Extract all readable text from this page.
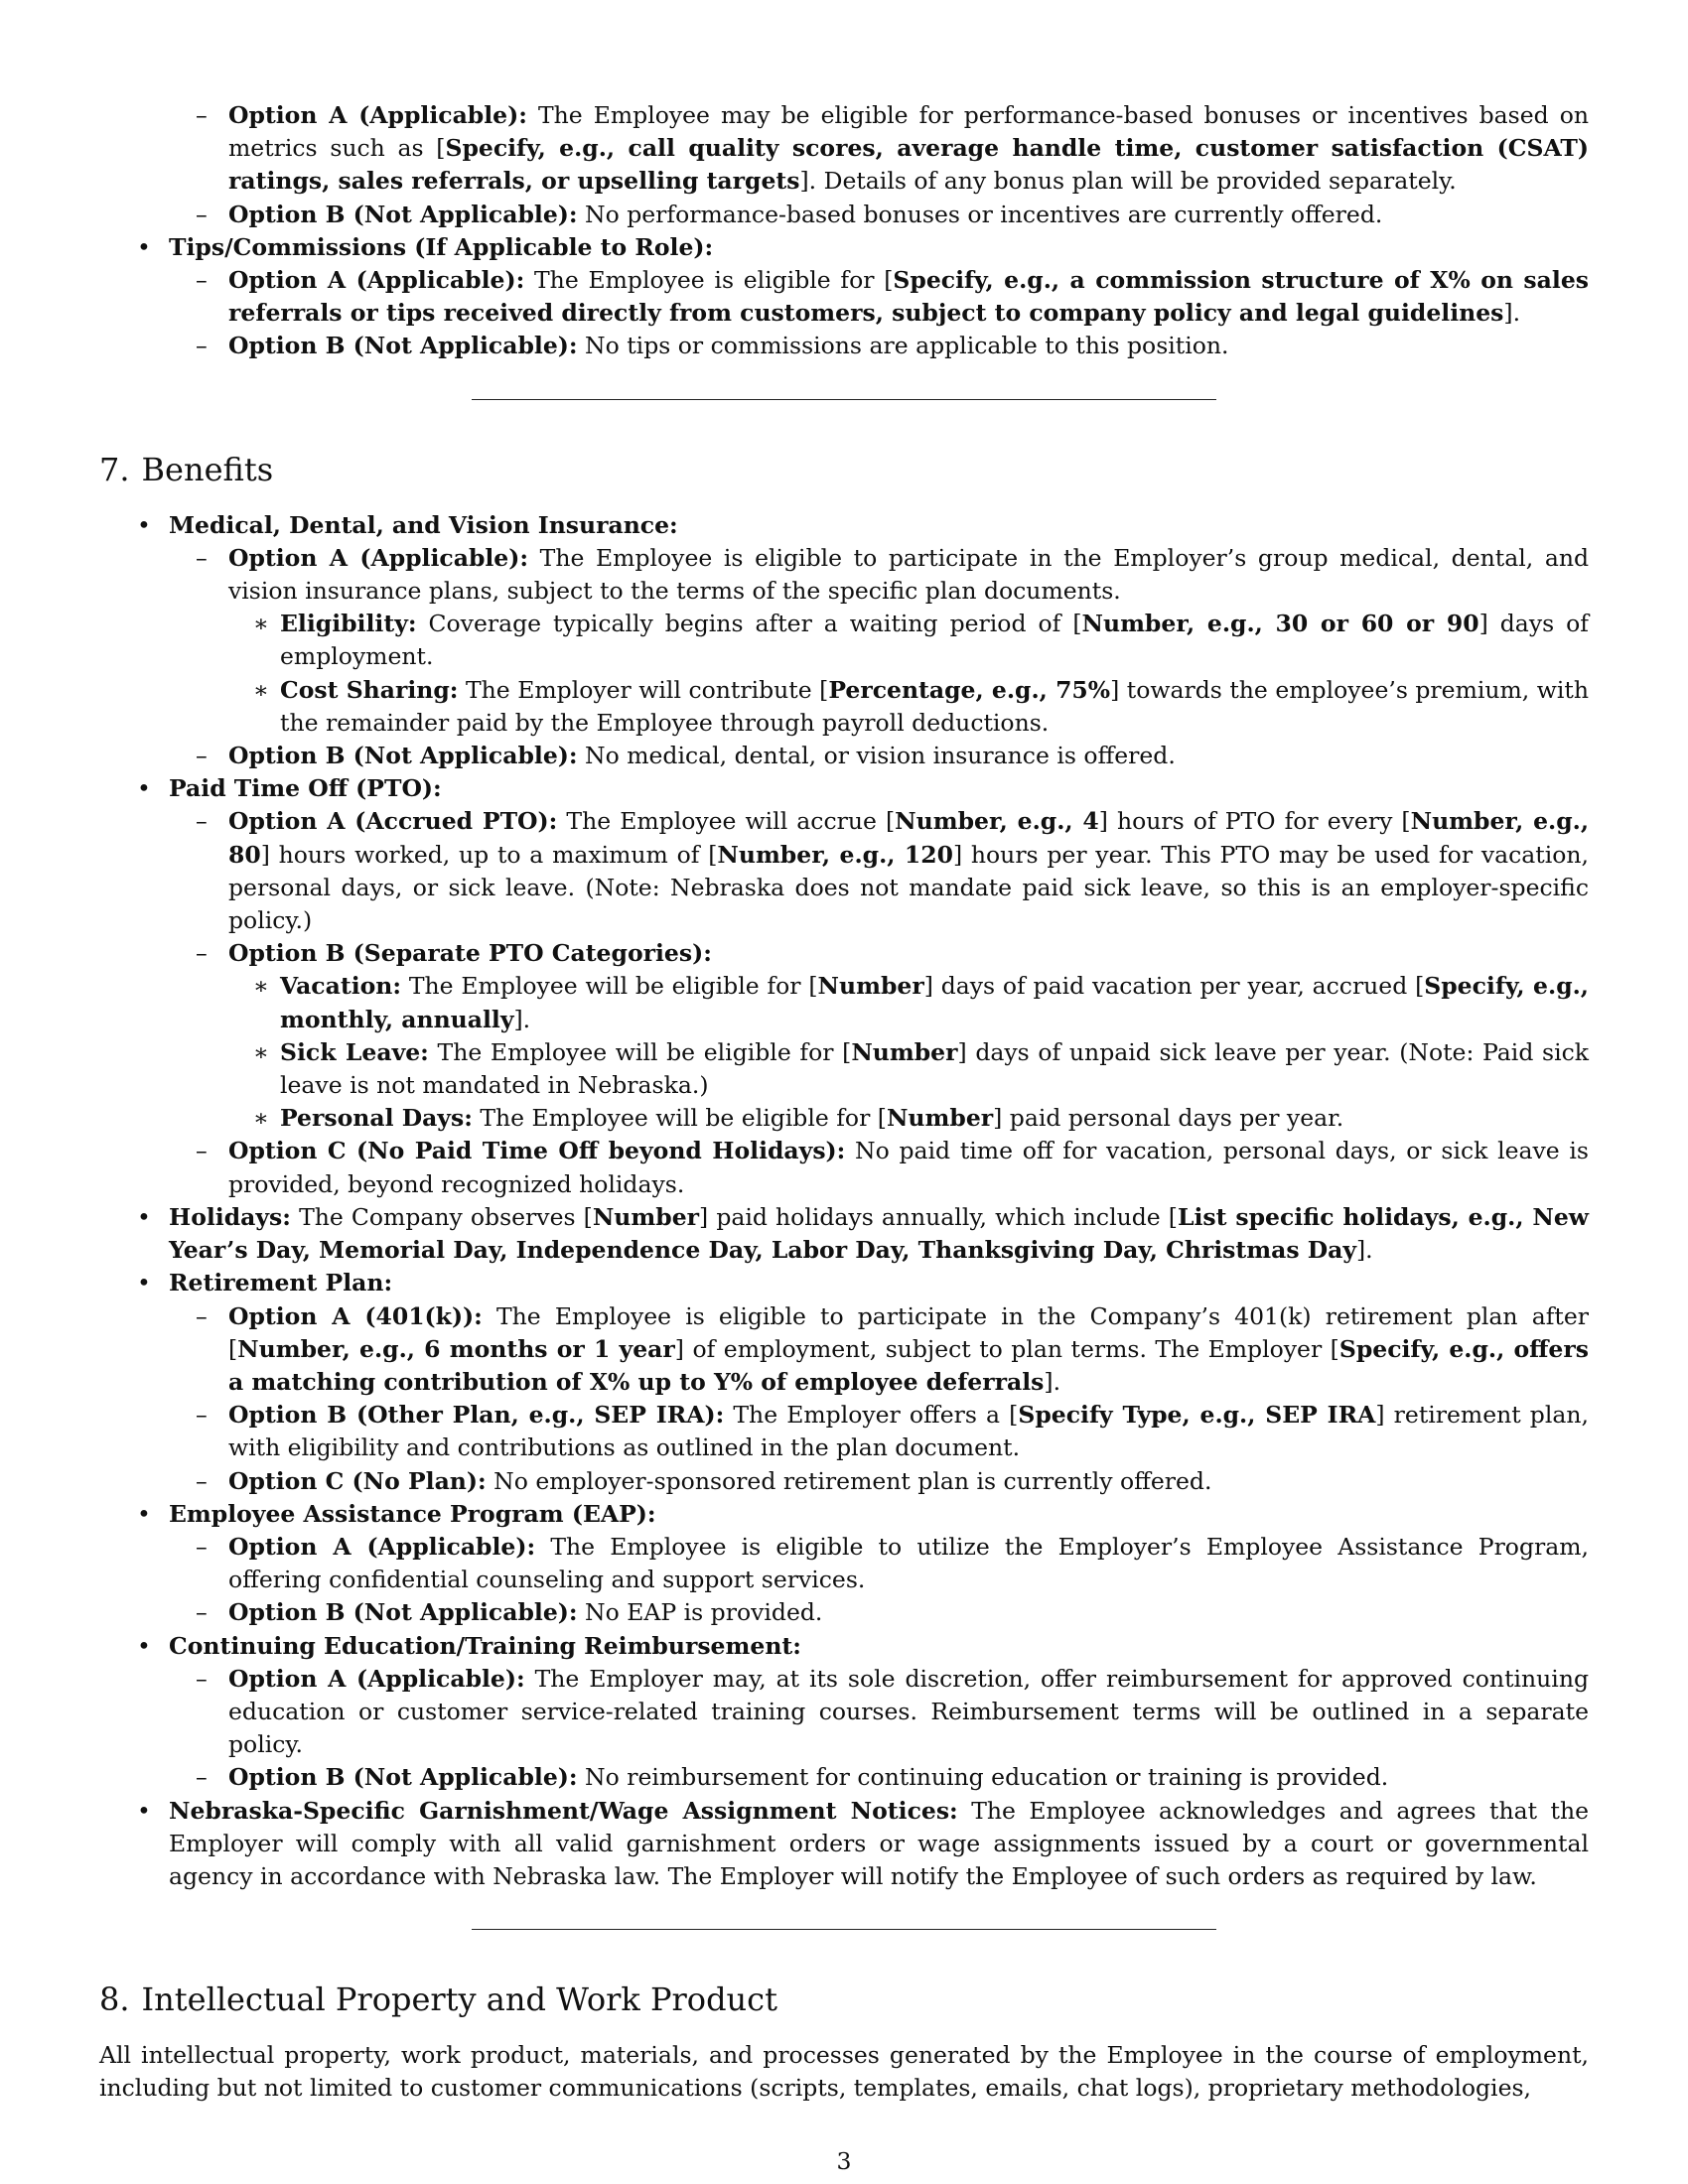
– Option A (Applicable): The Employee may be eligible for performance-based bonuses or incentives based on metrics such as [Specify, e.g., call quality scores, average handle time, customer satisfaction (CSAT) ratings, sales referrals, or upselling targets]. Details of any bonus plan will be provided separately.
– Option B (Not Applicable): No performance-based bonuses or incentives are currently offered.
• Tips/Commissions (If Applicable to Role):
– Option A (Applicable): The Employee is eligible for [Specify, e.g., a commission structure of X% on sales referrals or tips received directly from customers, subject to company policy and legal guidelines].
– Option B (Not Applicable): No tips or commissions are applicable to this position.
7. Benefits
• Medical, Dental, and Vision Insurance:
– Option A (Applicable): The Employee is eligible to participate in the Employer’s group medical, dental, and vision insurance plans, subject to the terms of the specific plan documents.
∗ Eligibility: Coverage typically begins after a waiting period of [Number, e.g., 30 or 60 or 90] days of employment.
∗ Cost Sharing: The Employer will contribute [Percentage, e.g., 75%] towards the employee’s premium, with the remainder paid by the Employee through payroll deductions.
– Option B (Not Applicable): No medical, dental, or vision insurance is offered.
• Paid Time Off (PTO):
– Option A (Accrued PTO): The Employee will accrue [Number, e.g., 4] hours of PTO for every [Number, e.g., 80] hours worked, up to a maximum of [Number, e.g., 120] hours per year. This PTO may be used for vacation, personal days, or sick leave. (Note: Nebraska does not mandate paid sick leave, so this is an employer-specific policy.)
– Option B (Separate PTO Categories):
∗ Vacation: The Employee will be eligible for [Number] days of paid vacation per year, accrued [Specify, e.g., monthly, annually].
∗ Sick Leave: The Employee will be eligible for [Number] days of unpaid sick leave per year. (Note: Paid sick leave is not mandated in Nebraska.)
∗ Personal Days: The Employee will be eligible for [Number] paid personal days per year.
– Option C (No Paid Time Off beyond Holidays): No paid time off for vacation, personal days, or sick leave is provided, beyond recognized holidays.
• Holidays: The Company observes [Number] paid holidays annually, which include [List specific holidays, e.g., New Year’s Day, Memorial Day, Independence Day, Labor Day, Thanksgiving Day, Christmas Day].
• Retirement Plan:
– Option A (401(k)): The Employee is eligible to participate in the Company’s 401(k) retirement plan after [Number, e.g., 6 months or 1 year] of employment, subject to plan terms. The Employer [Specify, e.g., offers a matching contribution of X% up to Y% of employee deferrals].
– Option B (Other Plan, e.g., SEP IRA): The Employer offers a [Specify Type, e.g., SEP IRA] retirement plan, with eligibility and contributions as outlined in the plan document.
– Option C (No Plan): No employer-sponsored retirement plan is currently offered.
• Employee Assistance Program (EAP):
– Option A (Applicable): The Employee is eligible to utilize the Employer’s Employee Assistance Program, offering confidential counseling and support services.
– Option B (Not Applicable): No EAP is provided.
• Continuing Education/Training Reimbursement:
– Option A (Applicable): The Employer may, at its sole discretion, offer reimbursement for approved continuing education or customer service-related training courses. Reimbursement terms will be outlined in a separate policy.
– Option B (Not Applicable): No reimbursement for continuing education or training is provided.
• Nebraska-Specific Garnishment/Wage Assignment Notices: The Employee acknowledges and agrees that the Employer will comply with all valid garnishment orders or wage assignments issued by a court or governmental agency in accordance with Nebraska law. The Employer will notify the Employee of such orders as required by law.
8. Intellectual Property and Work Product

All intellectual property, work product, materials, and processes generated by the Employee in the course of employment, including but not limited to customer communications (scripts, templates, emails, chat logs), proprietary methodologies,

3
